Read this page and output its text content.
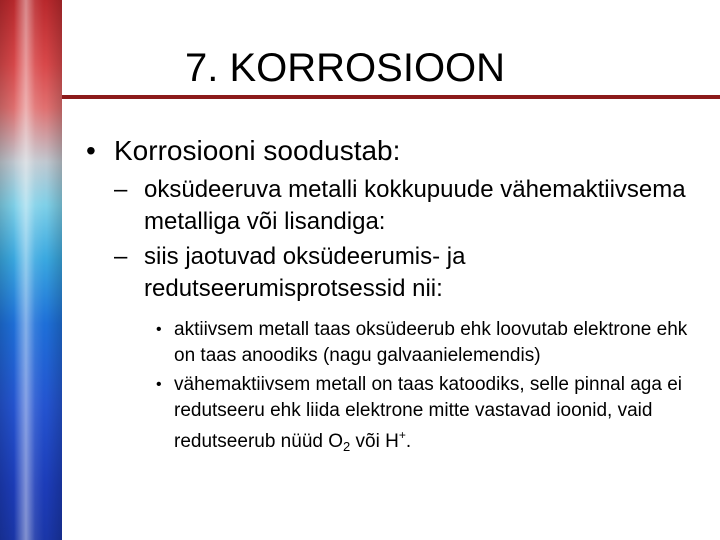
7. KORROSIOON
• Korrosiooni soodustab:
– oksüdeeruva metalli kokkupuude vähemaktiivsema metalliga või lisandiga:
– siis jaotuvad oksüdeerumis- ja redutseerumisprotsessid nii:
• aktiivsem metall taas oksüdeerub ehk loovutab elektrone ehk on taas anoodiks (nagu galvaanielemendis)
• vähemaktiivsem metall on taas katoodiks, selle pinnal aga ei redutseeru ehk liida elektrone mitte vastavad ioonid, vaid redutseerub nüüd $O_2$ või H+.
